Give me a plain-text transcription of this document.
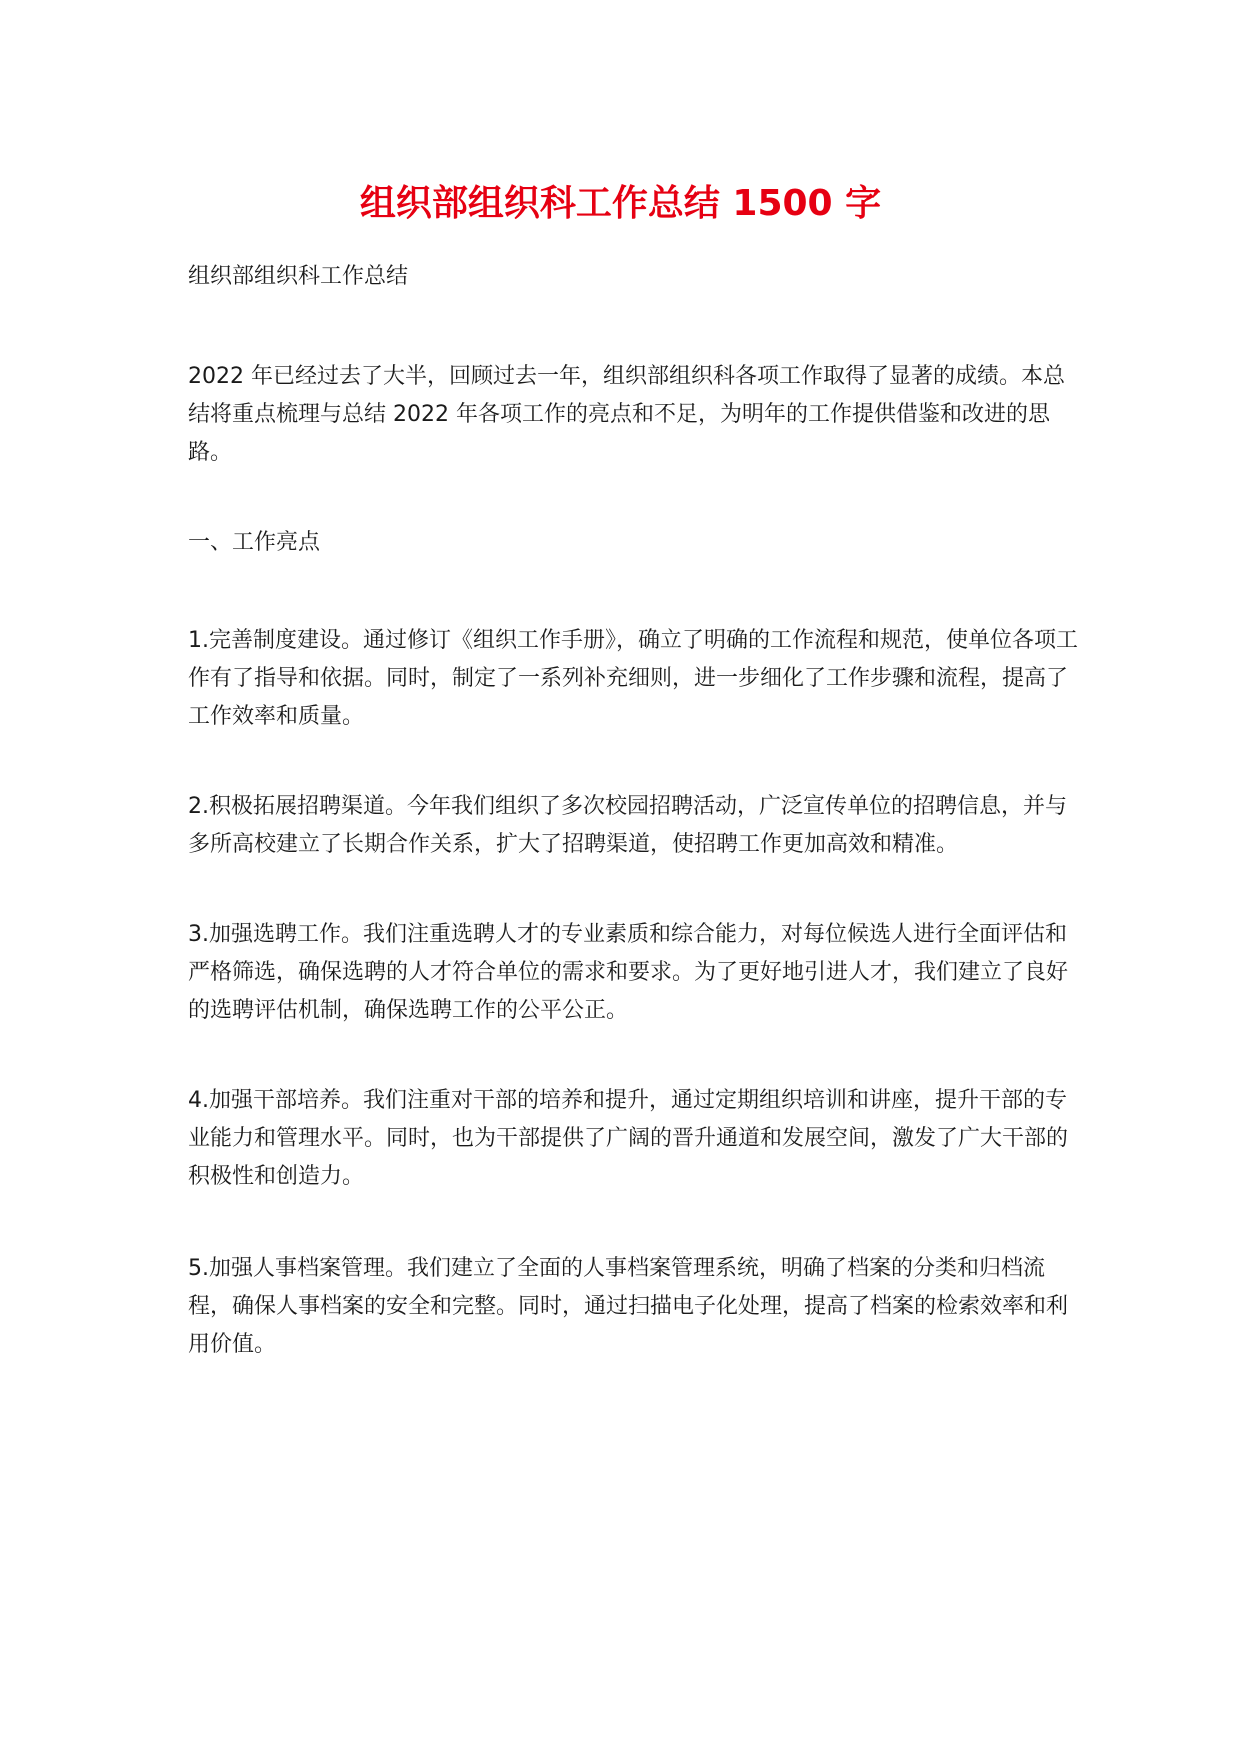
组织部组织科工作总结 1500 字

组织部组织科工作总结

2022 年已经过去了大半，回顾过去一年，组织部组织科各项工作取得了显著的成绩。本总结将重点梳理与总结 2022 年各项工作的亮点和不足，为明年的工作提供借鉴和改进的思路。

一、工作亮点

1.完善制度建设。通过修订《组织工作手册》，确立了明确的工作流程和规范，使单位各项工作有了指导和依据。同时，制定了一系列补充细则，进一步细化了工作步骤和流程，提高了工作效率和质量。

2.积极拓展招聘渠道。今年我们组织了多次校园招聘活动，广泛宣传单位的招聘信息，并与多所高校建立了长期合作关系，扩大了招聘渠道，使招聘工作更加高效和精准。

3.加强选聘工作。我们注重选聘人才的专业素质和综合能力，对每位候选人进行全面评估和严格筛选，确保选聘的人才符合单位的需求和要求。为了更好地引进人才，我们建立了良好的选聘评估机制，确保选聘工作的公平公正。

4.加强干部培养。我们注重对干部的培养和提升，通过定期组织培训和讲座，提升干部的专业能力和管理水平。同时，也为干部提供了广阔的晋升通道和发展空间，激发了广大干部的积极性和创造力。

5.加强人事档案管理。我们建立了全面的人事档案管理系统，明确了档案的分类和归档流程，确保人事档案的安全和完整。同时，通过扫描电子化处理，提高了档案的检索效率和利用价值。
